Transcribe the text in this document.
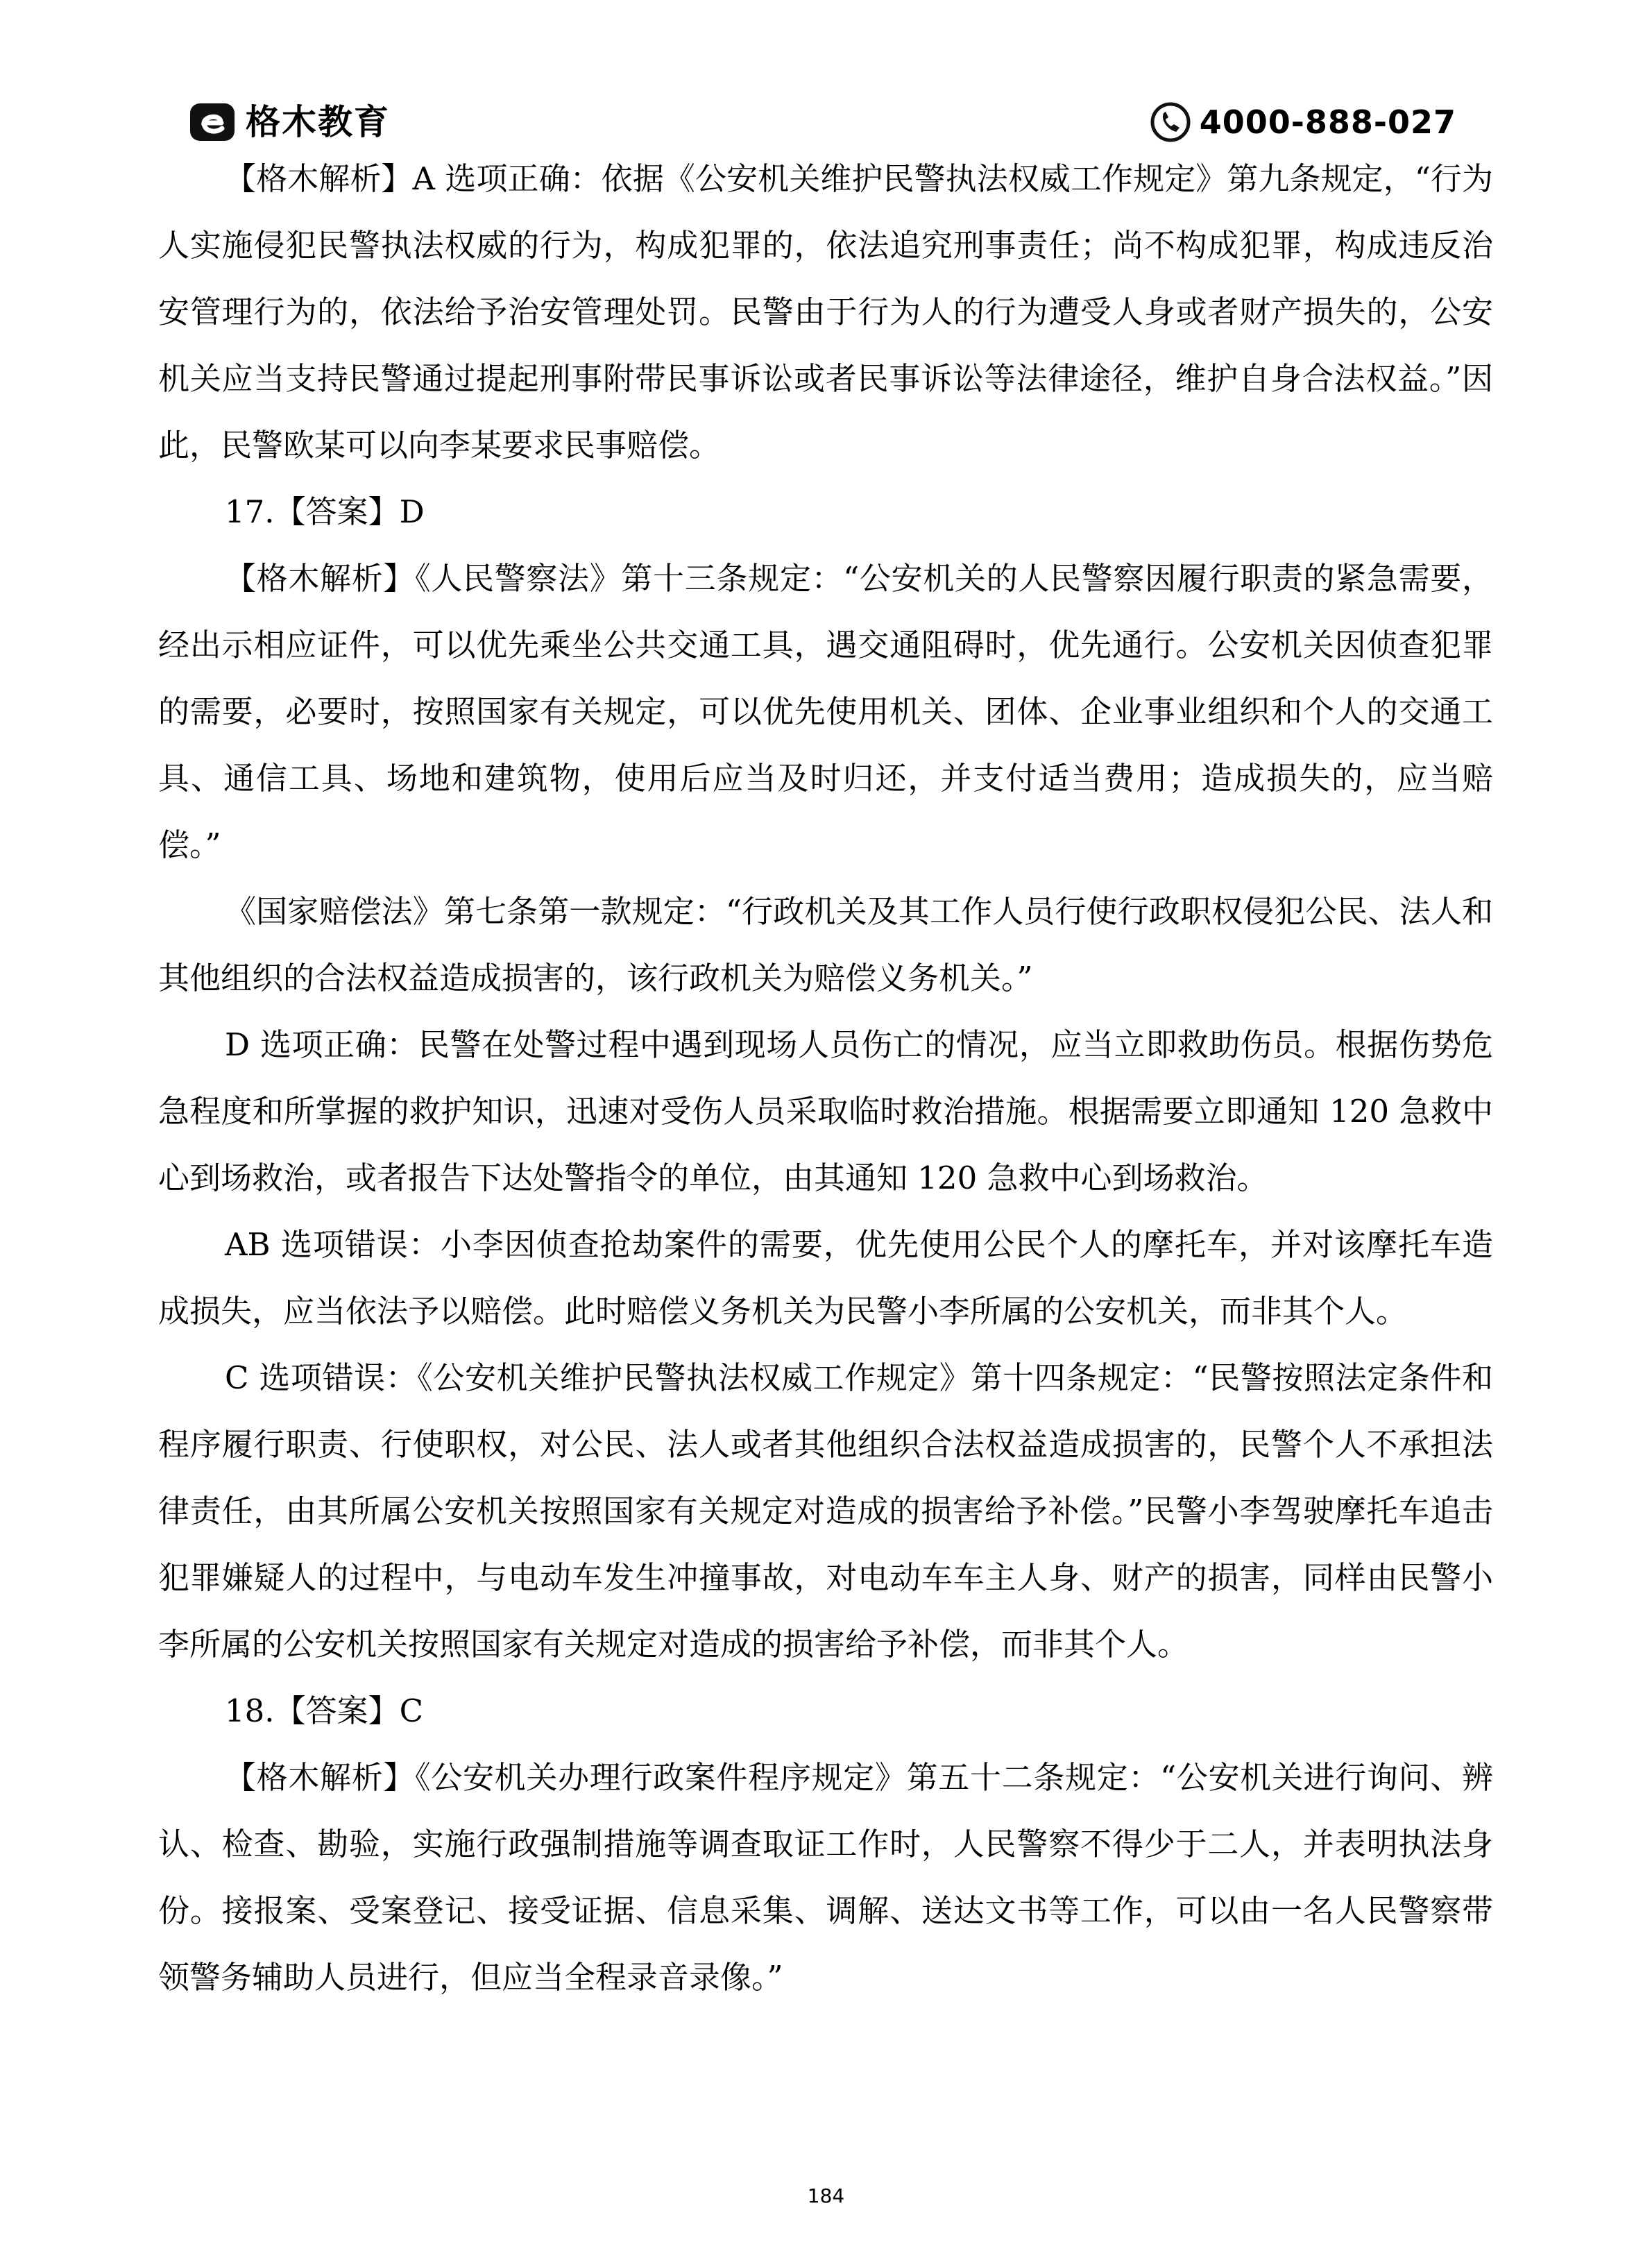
格木教育	4000-888-027

【格木解析】A 选项正确：依据《公安机关维护民警执法权威工作规定》第九条规定，“行为人实施侵犯民警执法权威的行为，构成犯罪的，依法追究刑事责任；尚不构成犯罪，构成违反治安管理行为的，依法给予治安管理处罚。民警由于行为人的行为遭受人身或者财产损失的，公安机关应当支持民警通过提起刑事附带民事诉讼或者民事诉讼等法律途径，维护自身合法权益。”因此，民警欧某可以向李某要求民事赔偿。

17.【答案】D

【格木解析】《人民警察法》第十三条规定：“公安机关的人民警察因履行职责的紧急需要，经出示相应证件，可以优先乘坐公共交通工具，遇交通阻碍时，优先通行。公安机关因侦查犯罪的需要，必要时，按照国家有关规定，可以优先使用机关、团体、企业事业组织和个人的交通工具、通信工具、场地和建筑物，使用后应当及时归还，并支付适当费用；造成损失的，应当赔偿。”

《国家赔偿法》第七条第一款规定：“行政机关及其工作人员行使行政职权侵犯公民、法人和其他组织的合法权益造成损害的，该行政机关为赔偿义务机关。”

D 选项正确：民警在处警过程中遇到现场人员伤亡的情况，应当立即救助伤员。根据伤势危急程度和所掌握的救护知识，迅速对受伤人员采取临时救治措施。根据需要立即通知 120 急救中心到场救治，或者报告下达处警指令的单位，由其通知 120 急救中心到场救治。

AB 选项错误：小李因侦查抢劫案件的需要，优先使用公民个人的摩托车，并对该摩托车造成损失，应当依法予以赔偿。此时赔偿义务机关为民警小李所属的公安机关，而非其个人。

C 选项错误：《公安机关维护民警执法权威工作规定》第十四条规定：“民警按照法定条件和程序履行职责、行使职权，对公民、法人或者其他组织合法权益造成损害的，民警个人不承担法律责任，由其所属公安机关按照国家有关规定对造成的损害给予补偿。”民警小李驾驶摩托车追击犯罪嫌疑人的过程中，与电动车发生冲撞事故，对电动车车主人身、财产的损害，同样由民警小李所属的公安机关按照国家有关规定对造成的损害给予补偿，而非其个人。

18.【答案】C

【格木解析】《公安机关办理行政案件程序规定》第五十二条规定：“公安机关进行询问、辨认、检查、勘验，实施行政强制措施等调查取证工作时，人民警察不得少于二人，并表明执法身份。接报案、受案登记、接受证据、信息采集、调解、送达文书等工作，可以由一名人民警察带领警务辅助人员进行，但应当全程录音录像。”

184
